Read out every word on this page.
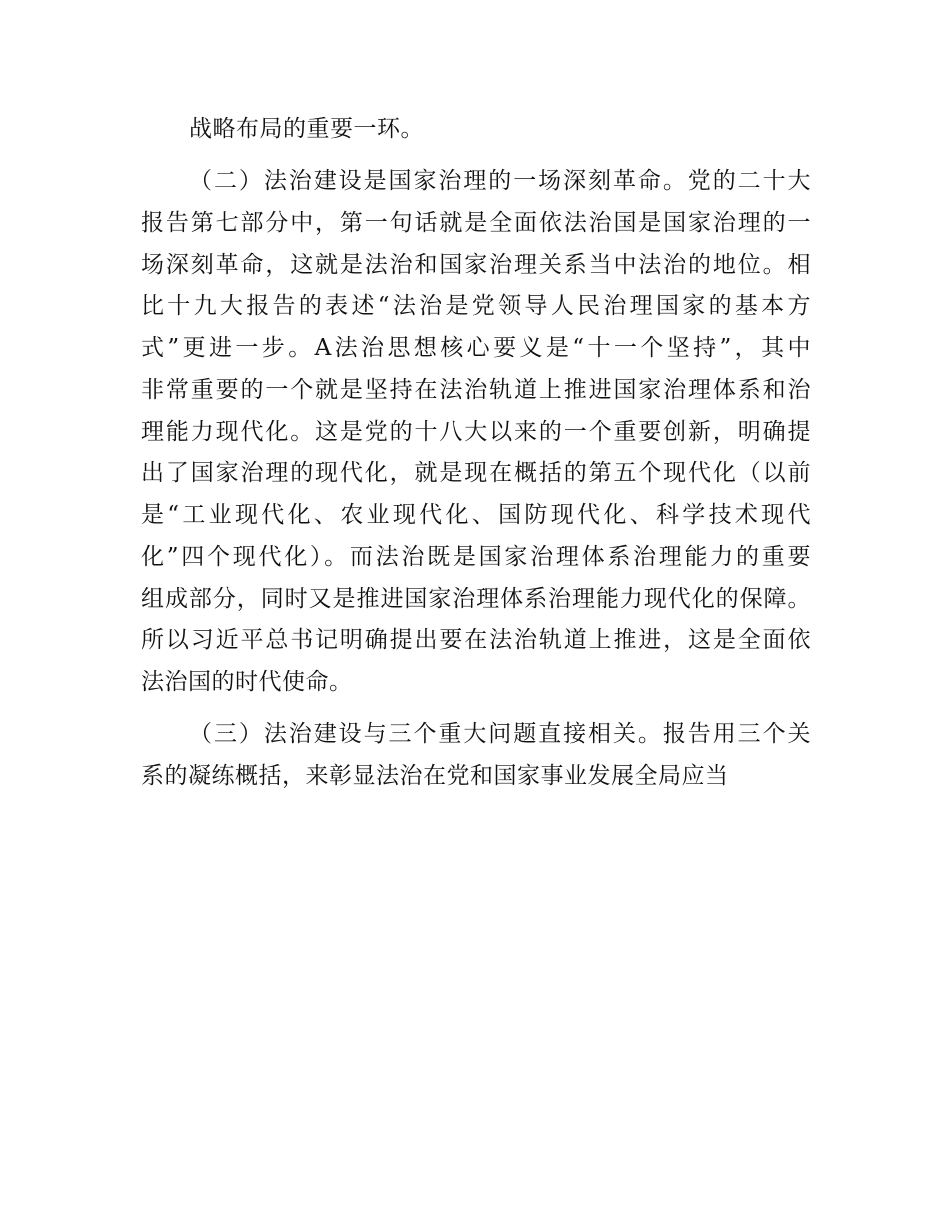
战略布局的重要一环。
（二）法治建设是国家治理的一场深刻革命。党的二十大
报告第七部分中，第一句话就是全面依法治国是国家治理的一
场深刻革命，这就是法治和国家治理关系当中法治的地位。相
比十九大报告的表述“法治是党领导人民治理国家的基本方
式”更进一步。A法治思想核心要义是“十一个坚持”，其中
非常重要的一个就是坚持在法治轨道上推进国家治理体系和治
理能力现代化。这是党的十八大以来的一个重要创新，明确提
出了国家治理的现代化，就是现在概括的第五个现代化（以前
是“工业现代化、农业现代化、国防现代化、科学技术现代
化”四个现代化）。而法治既是国家治理体系治理能力的重要
组成部分，同时又是推进国家治理体系治理能力现代化的保障。
所以习近平总书记明确提出要在法治轨道上推进，这是全面依
法治国的时代使命。
（三）法治建设与三个重大问题直接相关。报告用三个关
系的凝练概括，来彰显法治在党和国家事业发展全局应当
